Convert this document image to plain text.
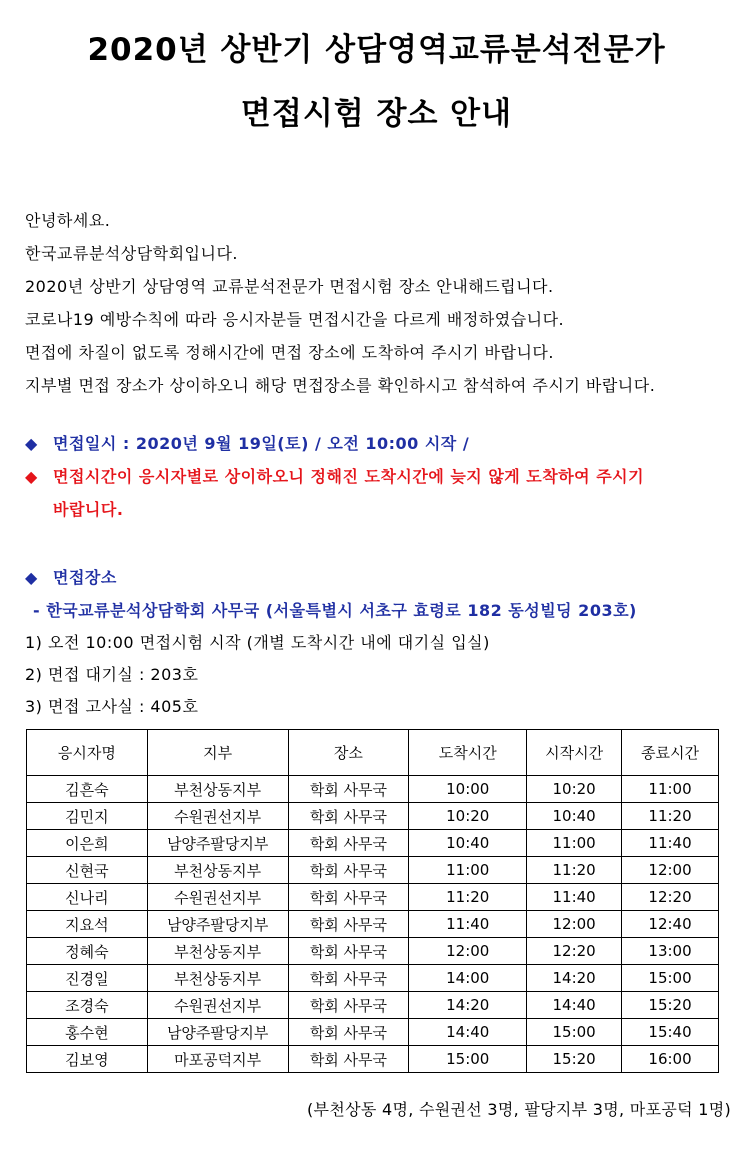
2020년 상반기 상담영역교류분석전문가
면접시험 장소 안내
안녕하세요.
한국교류분석상담학회입니다.
2020년 상반기 상담영역 교류분석전문가 면접시험 장소 안내해드립니다.
코로나19 예방수칙에 따라 응시자분들 면접시간을 다르게 배정하였습니다.
면접에 차질이 없도록 정해시간에 면접 장소에 도착하여 주시기 바랍니다.
지부별 면접 장소가 상이하오니 해당 면접장소를 확인하시고 참석하여 주시기 바랍니다.
◆ 면접일시 : 2020년 9월 19일(토) / 오전 10:00 시작 /
◆ 면접시간이 응시자별로 상이하오니 정해진 도착시간에 늦지 않게 도착하여 주시기
바랍니다.
◆ 면접장소
- 한국교류분석상담학회 사무국 (서울특별시 서초구 효령로 182 동성빌딩 203호)
1) 오전 10:00 면접시험 시작 (개별 도착시간 내에 대기실 입실)
2) 면접 대기실 : 203호
3) 면접 고사실 : 405호
응시자명	지부	장소	도착시간	시작시간	종료시간
김흔숙	부천상동지부	학회 사무국	10:00	10:20	11:00
김민지	수원권선지부	학회 사무국	10:20	10:40	11:20
이은희	남양주팔당지부	학회 사무국	10:40	11:00	11:40
신현국	부천상동지부	학회 사무국	11:00	11:20	12:00
신나리	수원권선지부	학회 사무국	11:20	11:40	12:20
지요석	남양주팔당지부	학회 사무국	11:40	12:00	12:40
정혜숙	부천상동지부	학회 사무국	12:00	12:20	13:00
진경일	부천상동지부	학회 사무국	14:00	14:20	15:00
조경숙	수원권선지부	학회 사무국	14:20	14:40	15:20
홍수현	남양주팔당지부	학회 사무국	14:40	15:00	15:40
김보영	마포공덕지부	학회 사무국	15:00	15:20	16:00
(부천상동 4명, 수원권선 3명, 팔당지부 3명, 마포공덕 1명)
